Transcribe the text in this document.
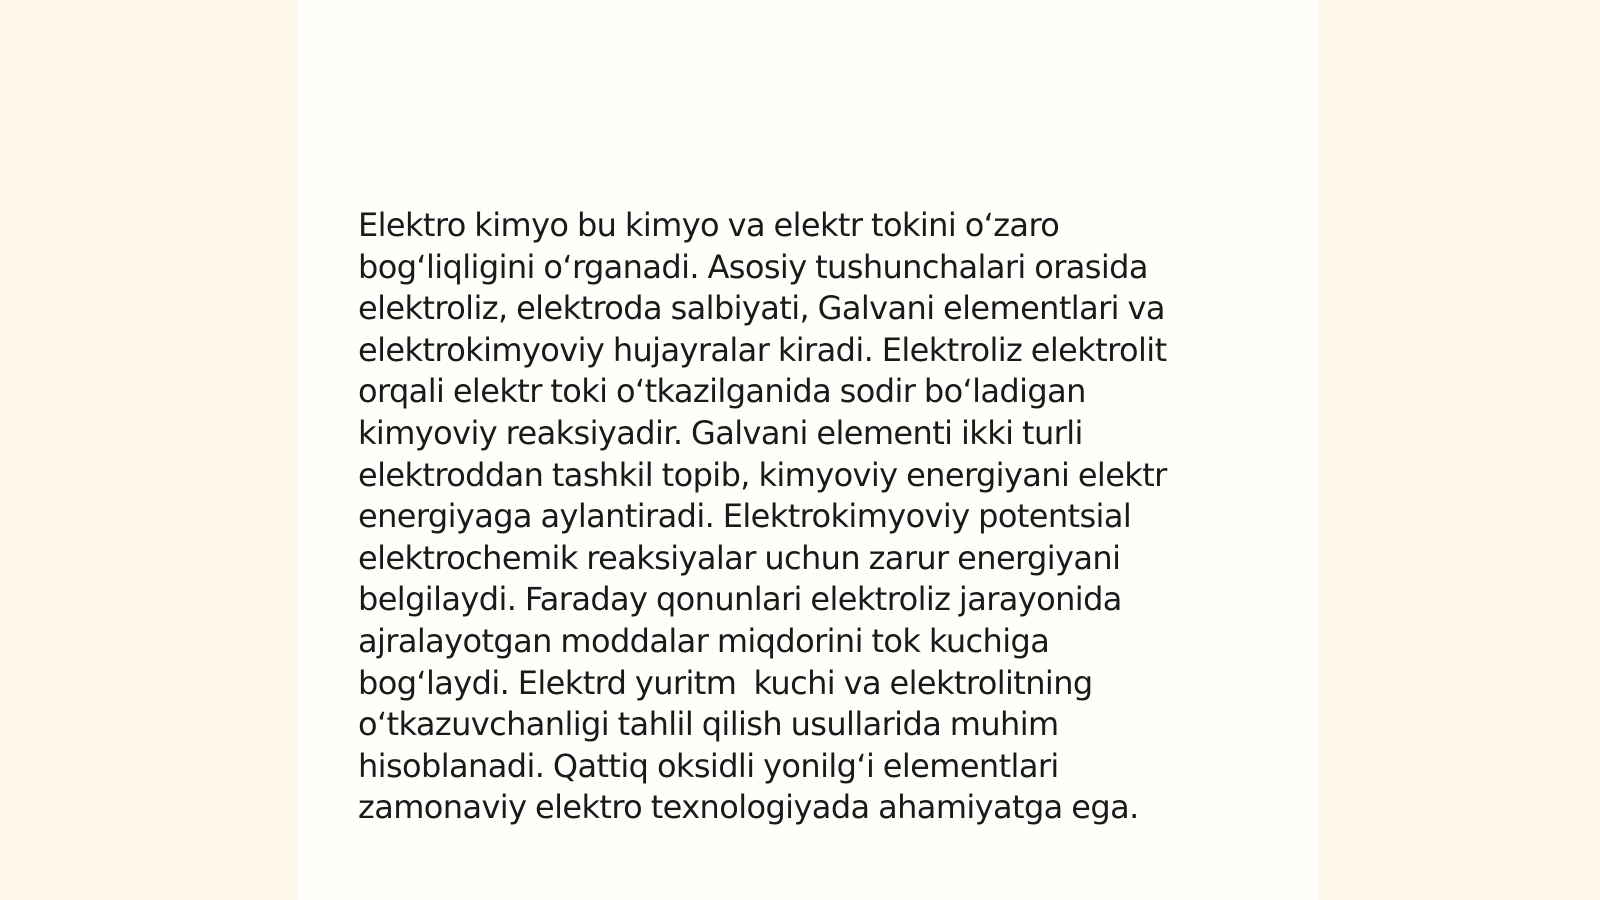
Elektro kimyo bu kimyo va elektr tokini oʻzaro
bogʻliqligini oʻrganadi. Asosiy tushunchalari orasida
elektroliz, elektroda salbiyati, Galvani elementlari va
elektrokimyoviy hujayralar kiradi. Elektroliz elektrolit
orqali elektr toki oʻtkazilganida sodir boʻladigan
kimyoviy reaksiyadir. Galvani elementi ikki turli
elektroddan tashkil topib, kimyoviy energiyani elektr
energiyaga aylantiradi. Elektrokimyoviy potentsial
elektrochemik reaksiyalar uchun zarur energiyani
belgilaydi. Faraday qonunlari elektroliz jarayonida
ajralayotgan moddalar miqdorini tok kuchiga
bogʻlaydi. Elektrd yuritm  kuchi va elektrolitning
oʻtkazuvchanligi tahlil qilish usullarida muhim
hisoblanadi. Qattiq oksidli yonilgʻi elementlari
zamonaviy elektro texnologiyada ahamiyatga ega.
